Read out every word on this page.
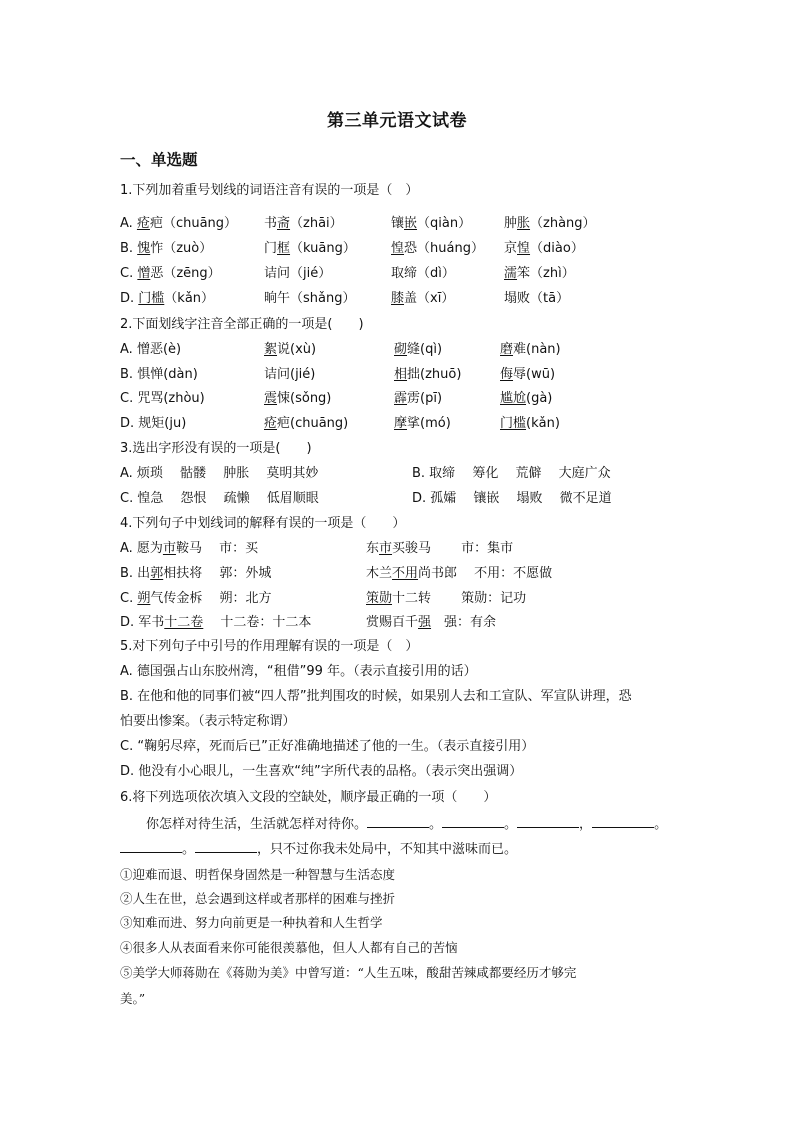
第三单元语文试卷
一、单选题
1.下列加着重号划线的词语注音有误的一项是（　）
A. 疮疤（chuāng） 书斋（zhāi）	镶嵌（qiàn）	肿胀（zhàng）
B. 愧怍（zuò）	门框（kuāng）	惶恐（huáng） 京惶（diào）
C. 憎恶（zēng）	诘问（jié）	取缔（dì）	濡笨（zhì）
D. 门槛（kǎn）	晌午（shǎng）	膝盖（xī）	塌败（tā）
2.下面划线字注音全部正确的一项是(　　)
A. 憎恶(è)	絮说(xù)	砌缝(qì)	磨难(nàn)
B. 惧惮(dàn)	诘问(jié)	相拙(zhuō)	侮辱(wū)
C. 咒骂(zhòu)	震悚(sǒng)	霹雳(pī)	尴尬(gà)
D. 规矩(ju)	疮疤(chuāng)	摩挲(mó)	门槛(kǎn)
3.选出字形没有误的一项是(　　)
A. 烦琐　 骷髅　 肿胀　 莫明其妙	B. 取缔　 筹化　 荒僻　 大庭广众
C. 惶急　 怨恨　 疏懒　 低眉顺眼	D. 孤孀　 镶嵌　 塌败　 微不足道
4.下列句子中划线词的解释有误的一项是（　　）
A. 愿为市鞍马　 市：买	东市买骏马　　 市：集市
B. 出郭相扶将　 郭：外城	木兰不用尚书郎　 不用：不愿做
C. 朔气传金柝　 朔：北方	策勋十二转　　 策勋：记功
D. 军书十二卷　 十二卷：十二本	赏赐百千强　强：有余
5.对下列句子中引号的作用理解有误的一项是（　）
A. 德国强占山东胶州湾，“租借”99 年。（表示直接引用的话）
B. 在他和他的同事们被“四人帮”批判围攻的时候，如果别人去和工宣队、军宣队讲理，恐
怕要出惨案。（表示特定称谓）
C. “鞠躬尽瘁，死而后已”正好准确地描述了他的一生。（表示直接引用）
D. 他没有小心眼儿，一生喜欢“纯”字所代表的品格。（表示突出强调）
6.将下列选项依次填入文段的空缺处，顺序最正确的一项（　　）
你怎样对待生活，生活就怎样对待你。	。	。	，	。
。	，只不过你我未处局中，不知其中滋味而已。
①迎难而退、明哲保身固然是一种智慧与生活态度
②人生在世，总会遇到这样或者那样的困难与挫折
③知难而进、努力向前更是一种执着和人生哲学
④很多人从表面看来你可能很羡慕他，但人人都有自己的苦恼
⑤美学大师蒋勋在《蒋勋为美》中曾写道：“人生五味，酸甜苦辣咸都要经历才够完
美。”
